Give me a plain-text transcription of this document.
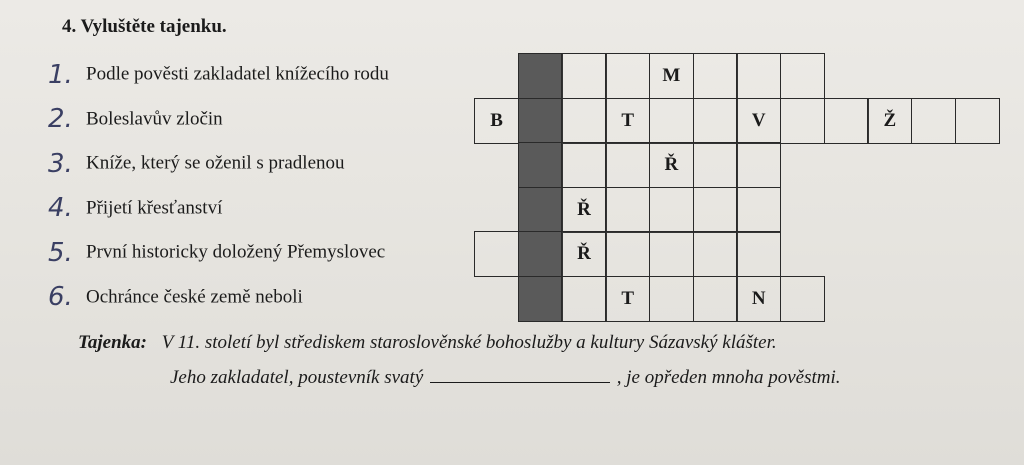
4. Vyluštěte tajenku.
1. Podle pověsti zakladatel knížecího rodu
2. Boleslavův zločin
3. Kníže, který se oženil s pradlenou
4. Přijetí křesťanství
5. První historicky doložený Přemyslovec
6. Ochránce české země neboli
M
B	T	V	Ž
Ř
Ř
Ř
T	N
Tajenka: V 11. století byl střediskem staroslověnské bohoslužby a kultury Sázavský klášter.
Jeho zakladatel, poustevník svatý	, je opředen mnoha pověstmi.
